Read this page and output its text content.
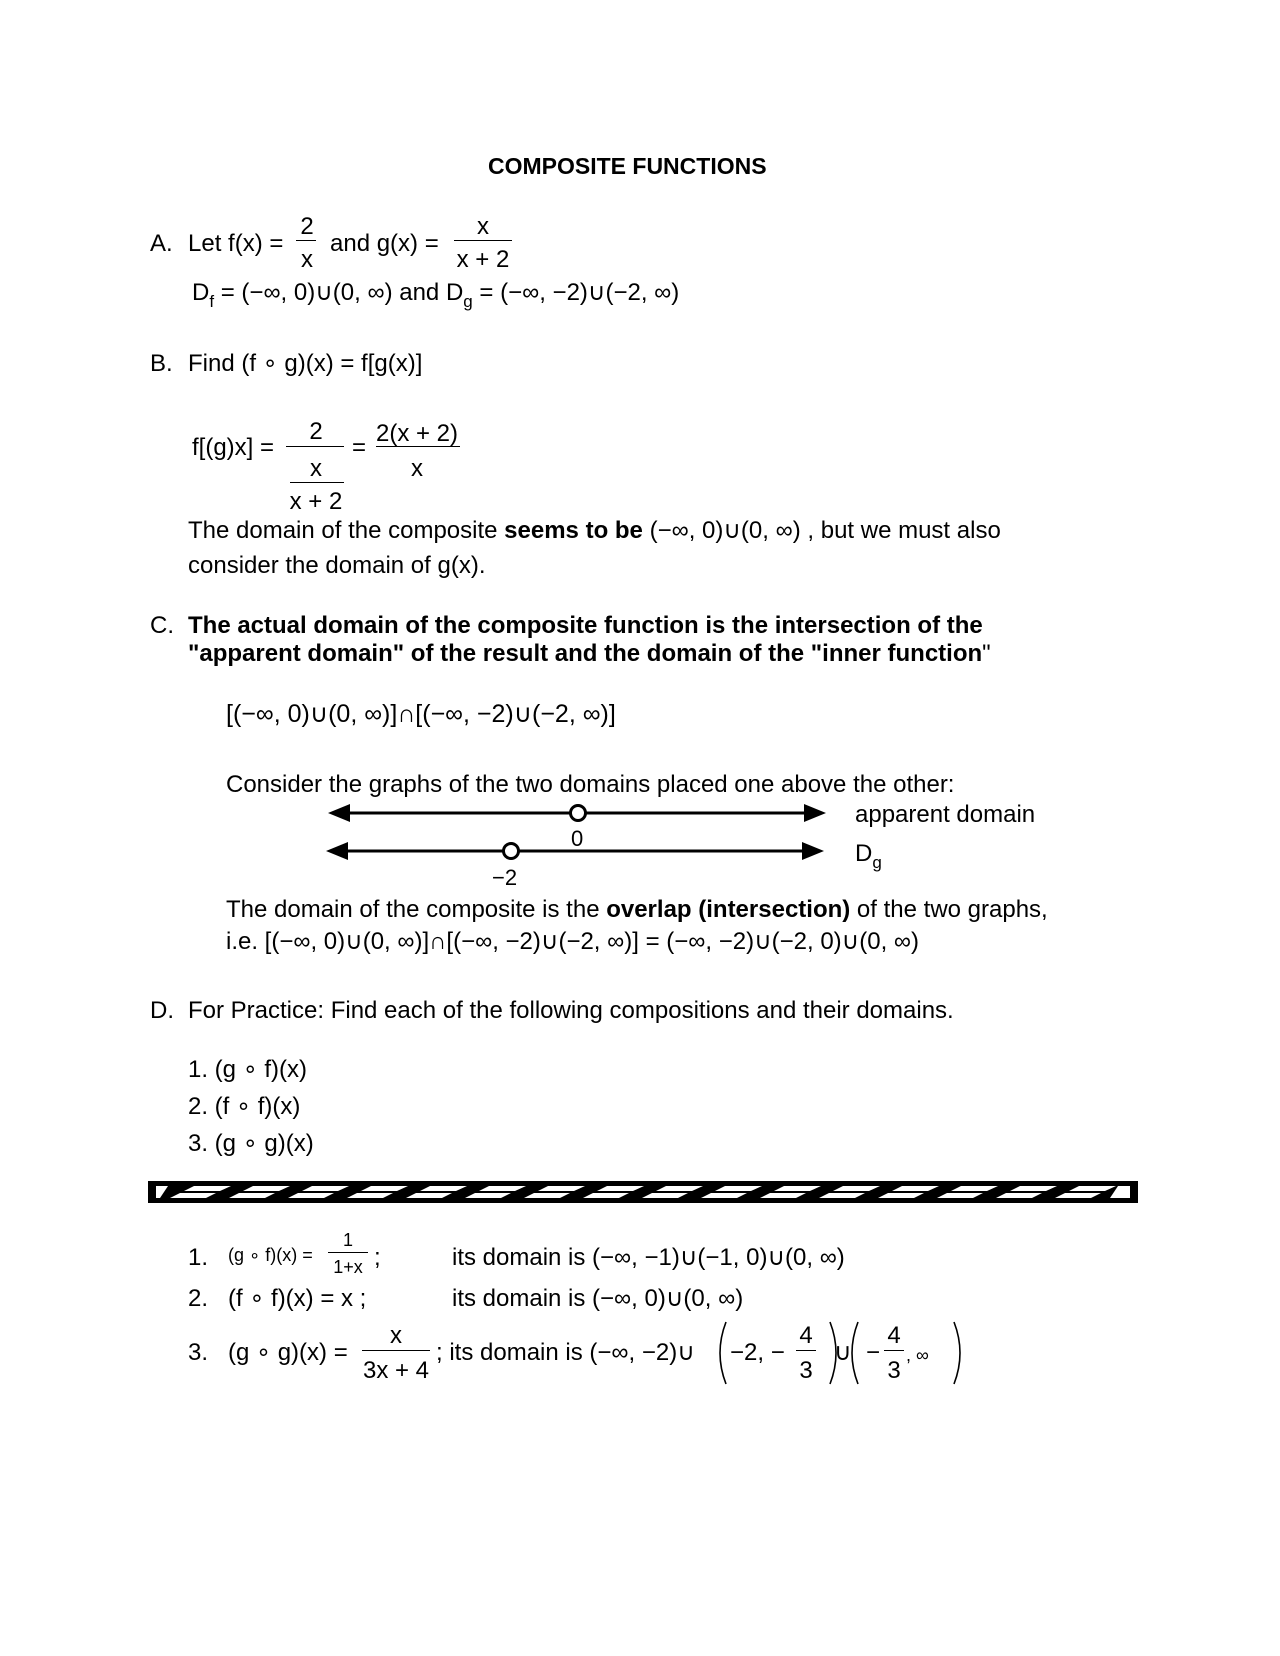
COMPOSITE FUNCTIONS
A. Let f(x) =
2
x
and g(x) =
x
x + 2
$D_f$ = (−∞, 0)∪(0, ∞) and $D_g$ = (−∞, −2)∪(−2, ∞)
B. Find (f ∘ g)(x) = f[g(x)]
f[(g)x] =
2
x
x + 2
=
2(x + 2)
x
The domain of the composite seems to be (−∞, 0)∪(0, ∞) , but we must also
consider the domain of g(x).
C. The actual domain of the composite function is the intersection of the
"apparent domain" of the result and the domain of the "inner function"
[(−∞, 0)∪(0, ∞)]∩[(−∞, −2)∪(−2, ∞)]
Consider the graphs of the two domains placed one above the other:
0
−2
apparent domain
$D_g$
The domain of the composite is the overlap (intersection) of the two graphs,
i.e. [(−∞, 0)∪(0, ∞)]∩[(−∞, −2)∪(−2, ∞)] = (−∞, −2)∪(−2, 0)∪(0, ∞)
D. For Practice: Find each of the following compositions and their domains.
1. (g ∘ f)(x)
2. (f ∘ f)(x)
3. (g ∘ g)(x)
1. (g ∘ f)(x) =
1
1+x ;	its domain is (−∞, −1)∪(−1, 0)∪(0, ∞)
2. (f ∘ f)(x) = x ;	its domain is (−∞, 0)∪(0, ∞)
3. (g ∘ g)(x) =
x
3x + 4
; its domain is (−∞, −2)∪ −2, −
4
3
∪ −
4
3
, ∞
